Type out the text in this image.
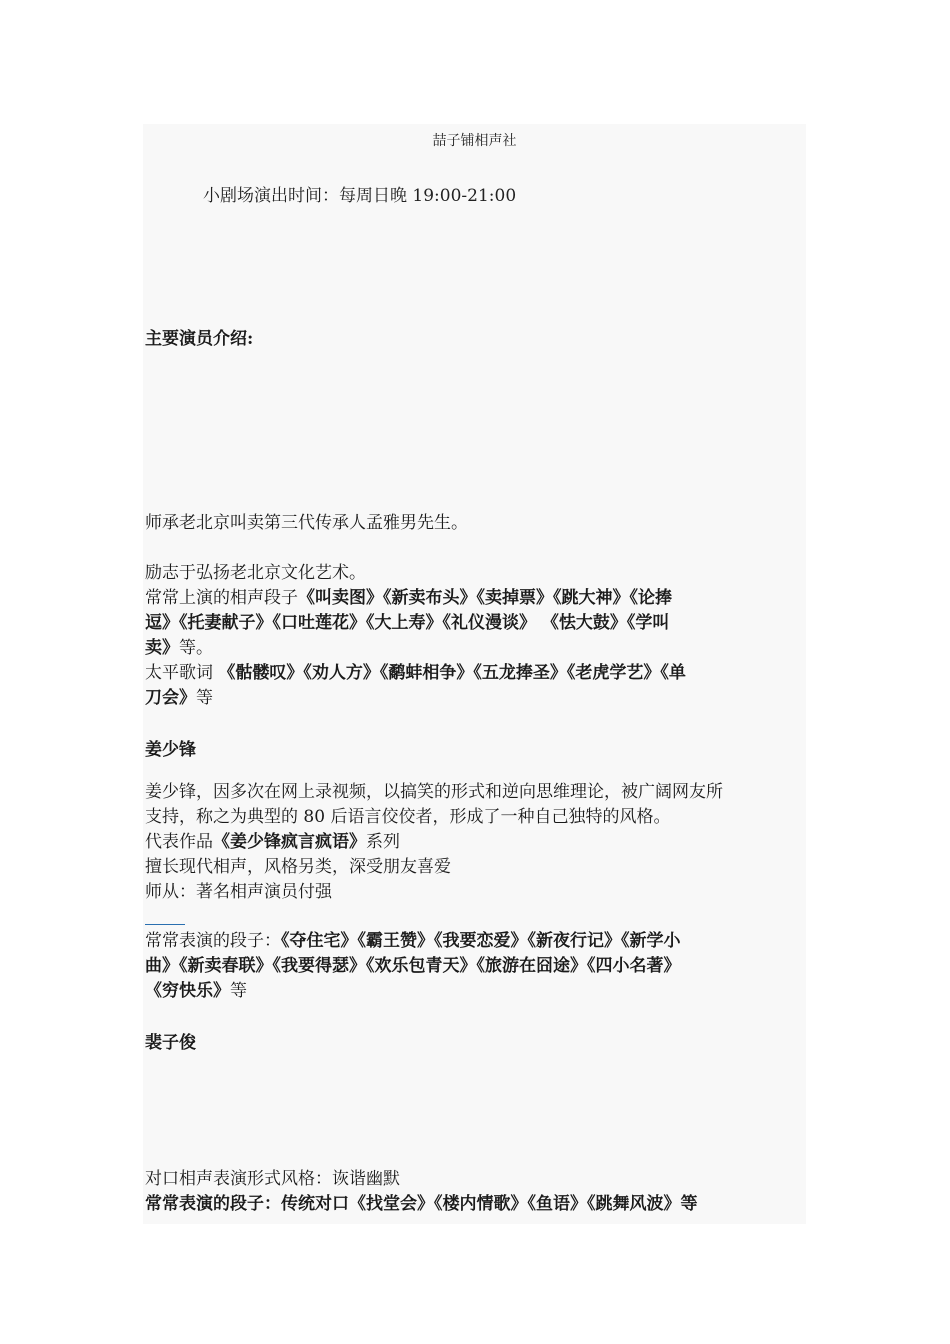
喆子铺相声社
小剧场演出时间：每周日晚 19:00-21:00
主要演员介绍:
师承老北京叫卖第三代传承人孟雅男先生。
励志于弘扬老北京文化艺术。
常常上演的相声段子《叫卖图》《新卖布头》《卖掉票》《跳大神》《论捧
逗》《托妻献子》《口吐莲花》《大上寿》《礼仪漫谈》 《怯大鼓》《学叫
卖》等。
太平歌词 《骷髅叹》《劝人方》《鹬蚌相争》《五龙捧圣》《老虎学艺》《单
刀会》等
姜少锋
姜少锋，因多次在网上录视频，以搞笑的形式和逆向思维理论，被广阔网友所
支持，称之为典型的 80 后语言佼佼者，形成了一种自己独特的风格。
代表作品《姜少锋疯言疯语》系列
擅长现代相声，风格另类，深受朋友喜爱
师从：著名相声演员付强
常常表演的段子：《夺住宅》《霸王赞》《我要恋爱》《新夜行记》《新学小
曲》《新卖春联》《我要得瑟》《欢乐包青天》《旅游在囧途》《四小名著》
《穷快乐》等
裴子俊
对口相声表演形式风格：诙谐幽默
常常表演的段子：传统对口《找堂会》《楼内情歌》《鱼语》《跳舞风波》等
